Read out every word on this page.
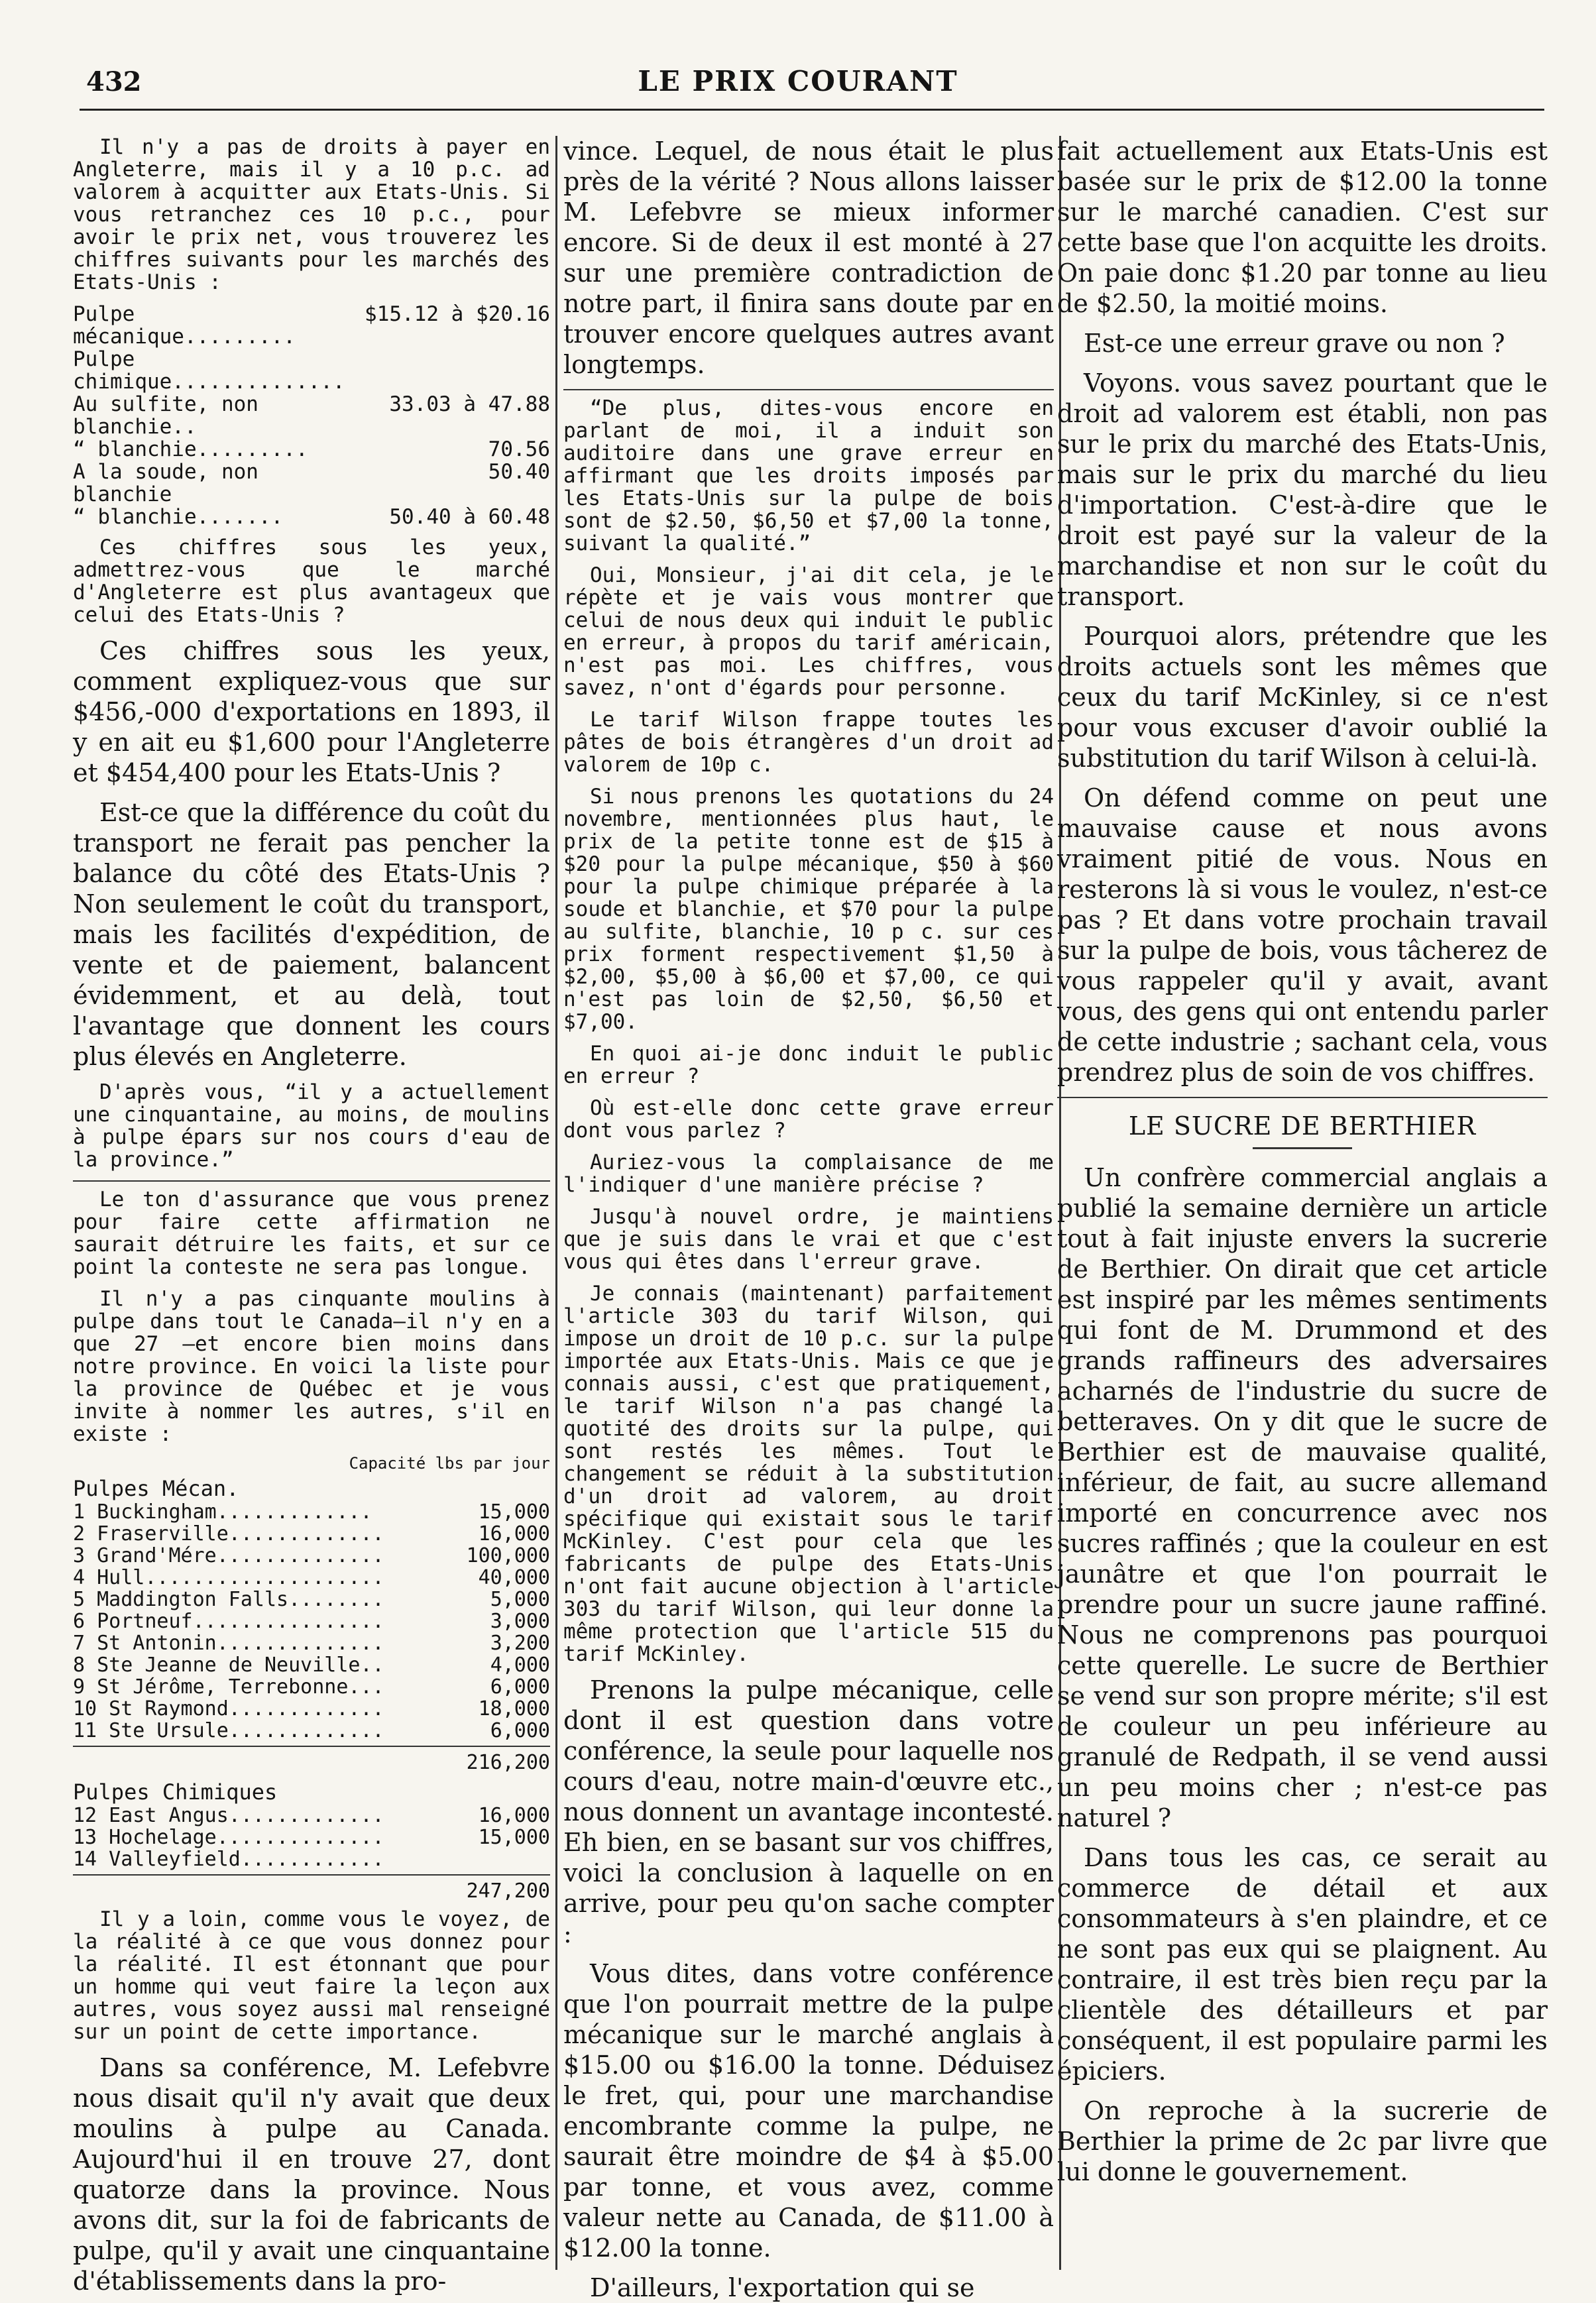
432	LE PRIX COURANT

Il n'y a pas de droits à payer en Angleterre, mais il y a 10 p.c. ad valorem à acquitter aux Etats-Unis. Si vous retranchez ces 10 p.c., pour avoir le prix net, vous trouverez les chiffres suivants pour les marchés des Etats-Unis :

Pulpe mécanique.........	$15.12 à $20.16
Pulpe chimique..............	
Au sulfite, non blanchie..	33.03 à 47.88
“ blanchie.........	70.56
A la soude, non blanchie	50.40
“ blanchie.......	50.40 à 60.48

Ces chiffres sous les yeux, admettrez-vous que le marché d'Angleterre est plus avantageux que celui des Etats-Unis ?

Ces chiffres sous les yeux, comment expliquez-vous que sur $456,-000 d'exportations en 1893, il y en ait eu $1,600 pour l'Angleterre et $454,400 pour les Etats-Unis ?

Est-ce que la différence du coût du transport ne ferait pas pencher la balance du côté des Etats-Unis ? Non seulement le coût du transport, mais les facilités d'expédition, de vente et de paiement, balancent évidemment, et au delà, tout l'avantage que donnent les cours plus élevés en Angleterre.

D'après vous, “il y a actuellement une cinquantaine, au moins, de moulins à pulpe épars sur nos cours d'eau de la province.”

Le ton d'assurance que vous prenez pour faire cette affirmation ne saurait détruire les faits, et sur ce point la conteste ne sera pas longue.

Il n'y a pas cinquante moulins à pulpe dans tout le Canada—il n'y en a que 27 —et encore bien moins dans notre province. En voici la liste pour la province de Québec et je vous invite à nommer les autres, s'il en existe :

Capacité lbs par jour
Pulpes Mécan.
1 Buckingham.............	15,000
2 Fraserville.............	16,000
3 Grand'Mére..............	100,000
4 Hull....................	40,000
5 Maddington Falls........	5,000
6 Portneuf................	3,000
7 St Antonin..............	3,200
8 Ste Jeanne de Neuville..	4,000
9 St Jérôme, Terrebonne...	6,000
10 St Raymond.............	18,000
11 Ste Ursule.............	6,000
216,200
Pulpes Chimiques
12 East Angus.............	16,000
13 Hochelage..............	15,000
14 Valleyfield............	
247,200

Il y a loin, comme vous le voyez, de la réalité à ce que vous donnez pour la réalité. Il est étonnant que pour un homme qui veut faire la leçon aux autres, vous soyez aussi mal renseigné sur un point de cette importance.

Dans sa conférence, M. Lefebvre nous disait qu'il n'y avait que deux moulins à pulpe au Canada. Aujourd'hui il en trouve 27, dont quatorze dans la province. Nous avons dit, sur la foi de fabricants de pulpe, qu'il y avait une cinquantaine d'établissements dans la pro-

vince. Lequel, de nous était le plus près de la vérité ? Nous allons laisser M. Lefebvre se mieux informer encore. Si de deux il est monté à 27 sur une première contradiction de notre part, il finira sans doute par en trouver encore quelques autres avant longtemps.

“De plus, dites-vous encore en parlant de moi, il a induit son auditoire dans une grave erreur en affirmant que les droits imposés par les Etats-Unis sur la pulpe de bois sont de $2.50, $6,50 et $7,00 la tonne, suivant la qualité.”

Oui, Monsieur, j'ai dit cela, je le répète et je vais vous montrer que celui de nous deux qui induit le public en erreur, à propos du tarif américain, n'est pas moi. Les chiffres, vous savez, n'ont d'égards pour personne.

Le tarif Wilson frappe toutes les pâtes de bois étrangères d'un droit ad valorem de 10p c.

Si nous prenons les quotations du 24 novembre, mentionnées plus haut, le prix de la petite tonne est de $15 à $20 pour la pulpe mécanique, $50 à $60 pour la pulpe chimique préparée à la soude et blanchie, et $70 pour la pulpe au sulfite, blanchie, 10 p c. sur ces prix forment respectivement $1,50 à $2,00, $5,00 à $6,00 et $7,00, ce qui n'est pas loin de $2,50, $6,50 et $7,00.

En quoi ai-je donc induit le public en erreur ?

Où est-elle donc cette grave erreur dont vous parlez ?

Auriez-vous la complaisance de me l'indiquer d'une manière précise ?

Jusqu'à nouvel ordre, je maintiens que je suis dans le vrai et que c'est vous qui êtes dans l'erreur grave.

Je connais (maintenant) parfaitement l'article 303 du tarif Wilson, qui impose un droit de 10 p.c. sur la pulpe importée aux Etats-Unis. Mais ce que je connais aussi, c'est que pratiquement, le tarif Wilson n'a pas changé la quotité des droits sur la pulpe, qui sont restés les mêmes. Tout le changement se réduit à la substitution d'un droit ad valorem, au droit spécifique qui existait sous le tarif McKinley. C'est pour cela que les fabricants de pulpe des Etats-Unis n'ont fait aucune objection à l'article 303 du tarif Wilson, qui leur donne la même protection que l'article 515 du tarif McKinley.

Prenons la pulpe mécanique, celle dont il est question dans votre conférence, la seule pour laquelle nos cours d'eau, notre main-d'œuvre etc., nous donnent un avantage incontesté. Eh bien, en se basant sur vos chiffres, voici la conclusion à laquelle on en arrive, pour peu qu'on sache compter :

Vous dites, dans votre conférence que l'on pourrait mettre de la pulpe mécanique sur le marché anglais à $15.00 ou $16.00 la tonne. Déduisez le fret, qui, pour une marchandise encombrante comme la pulpe, ne saurait être moindre de $4 à $5.00 par tonne, et vous avez, comme valeur nette au Canada, de $11.00 à $12.00 la tonne.

D'ailleurs, l'exportation qui se

fait actuellement aux Etats-Unis est basée sur le prix de $12.00 la tonne sur le marché canadien. C'est sur cette base que l'on acquitte les droits. On paie donc $1.20 par tonne au lieu de $2.50, la moitié moins.

Est-ce une erreur grave ou non ?

Voyons. vous savez pourtant que le droit ad valorem est établi, non pas sur le prix du marché des Etats-Unis, mais sur le prix du marché du lieu d'importation. C'est-à-dire que le droit est payé sur la valeur de la marchandise et non sur le coût du transport.

Pourquoi alors, prétendre que les droits actuels sont les mêmes que ceux du tarif McKinley, si ce n'est pour vous excuser d'avoir oublié la substitution du tarif Wilson à celui-là.

On défend comme on peut une mauvaise cause et nous avons vraiment pitié de vous. Nous en resterons là si vous le voulez, n'est-ce pas ? Et dans votre prochain travail sur la pulpe de bois, vous tâcherez de vous rappeler qu'il y avait, avant vous, des gens qui ont entendu parler de cette industrie ; sachant cela, vous prendrez plus de soin de vos chiffres.

LE SUCRE DE BERTHIER

Un confrère commercial anglais a publié la semaine dernière un article tout à fait injuste envers la sucrerie de Berthier. On dirait que cet article est inspiré par les mêmes sentiments qui font de M. Drummond et des grands raffineurs des adversaires acharnés de l'industrie du sucre de betteraves. On y dit que le sucre de Berthier est de mauvaise qualité, inférieur, de fait, au sucre allemand importé en concurrence avec nos sucres raffinés ; que la couleur en est jaunâtre et que l'on pourrait le prendre pour un sucre jaune raffiné. Nous ne comprenons pas pourquoi cette querelle. Le sucre de Berthier se vend sur son propre mérite; s'il est de couleur un peu inférieure au granulé de Redpath, il se vend aussi un peu moins cher ; n'est-ce pas naturel ?

Dans tous les cas, ce serait au commerce de détail et aux consommateurs à s'en plaindre, et ce ne sont pas eux qui se plaignent. Au contraire, il est très bien reçu par la clientèle des détailleurs et par conséquent, il est populaire parmi les épiciers.

On reproche à la sucrerie de Berthier la prime de 2c par livre que lui donne le gouvernement.
